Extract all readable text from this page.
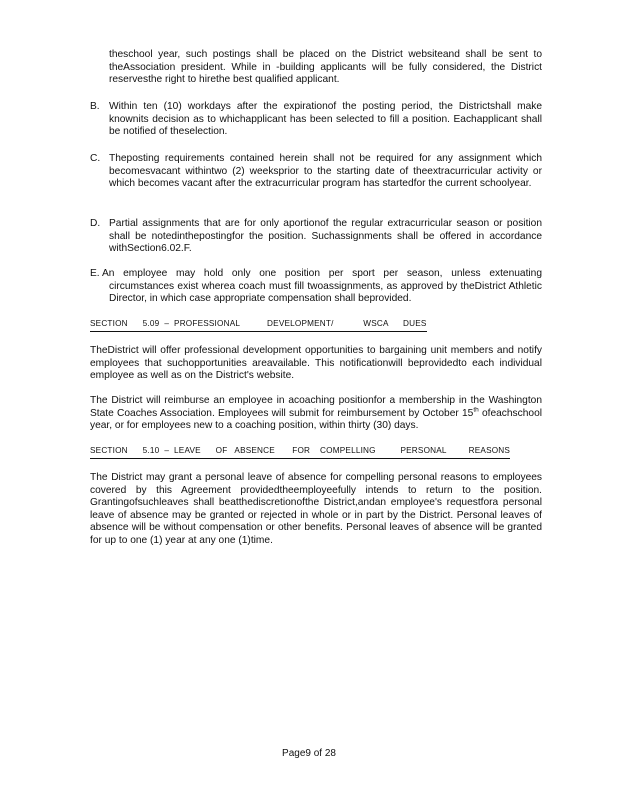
theschool year, such postings shall be placed on the District websiteand shall be sent to theAssociation president. While in -building applicants will be fully considered, the District reservesthe right to hirethe best qualified applicant.
B. Within ten (10) workdays after the expirationof the posting period, the Districtshall make knownits decision as to whichapplicant has been selected to fill a position. Eachapplicant shall be notified of theselection.
C. Theposting requirements contained herein shall not be required for any assignment which becomesvacant withintwo (2) weeksprior to the starting date of theextracurricular activity or which becomes vacant after the extracurricular program has startedfor the current schoolyear.
D. Partial assignments that are for only aportionof the regular extracurricular season or position shall be notedinthepostingfor the position. Suchassignments shall be offered in accordance withSection6.02.F.
E. An employee may hold only one position per sport per season, unless extenuating
circumstances exist wherea coach must fill twoassignments, as approved by theDistrict Athletic Director, in which case appropriate compensation shall beprovided.
SECTION      5.09  –  PROFESSIONAL           DEVELOPMENT/            WSCA      DUES
TheDistrict will offer professional development opportunities to bargaining unit members and notify employees that suchopportunities areavailable. This notificationwill beprovidedto each individual employee as well as on the District's website.
The District will reimburse an employee in acoaching positionfor a membership in the Washington State Coaches Association. Employees will submit for reimbursement by October 15th ofeachschool year, or for employees new to a coaching position, within thirty (30) days.
SECTION      5.10  –  LEAVE      OF   ABSENCE       FOR    COMPELLING          PERSONAL         REASONS
The District may grant a personal leave of absence for compelling personal reasons to employees covered by this Agreement providedtheemployeefully intends to return to the position. Grantingofsuchleaves shall beatthediscretionofthe District,andan employee's requestfora personal leave of absence may be granted or rejected in whole or in part by the District. Personal leaves of absence will be without compensation or other benefits. Personal leaves of absence will be granted for up to one (1) year at any one (1)time.
Page9 of 28
